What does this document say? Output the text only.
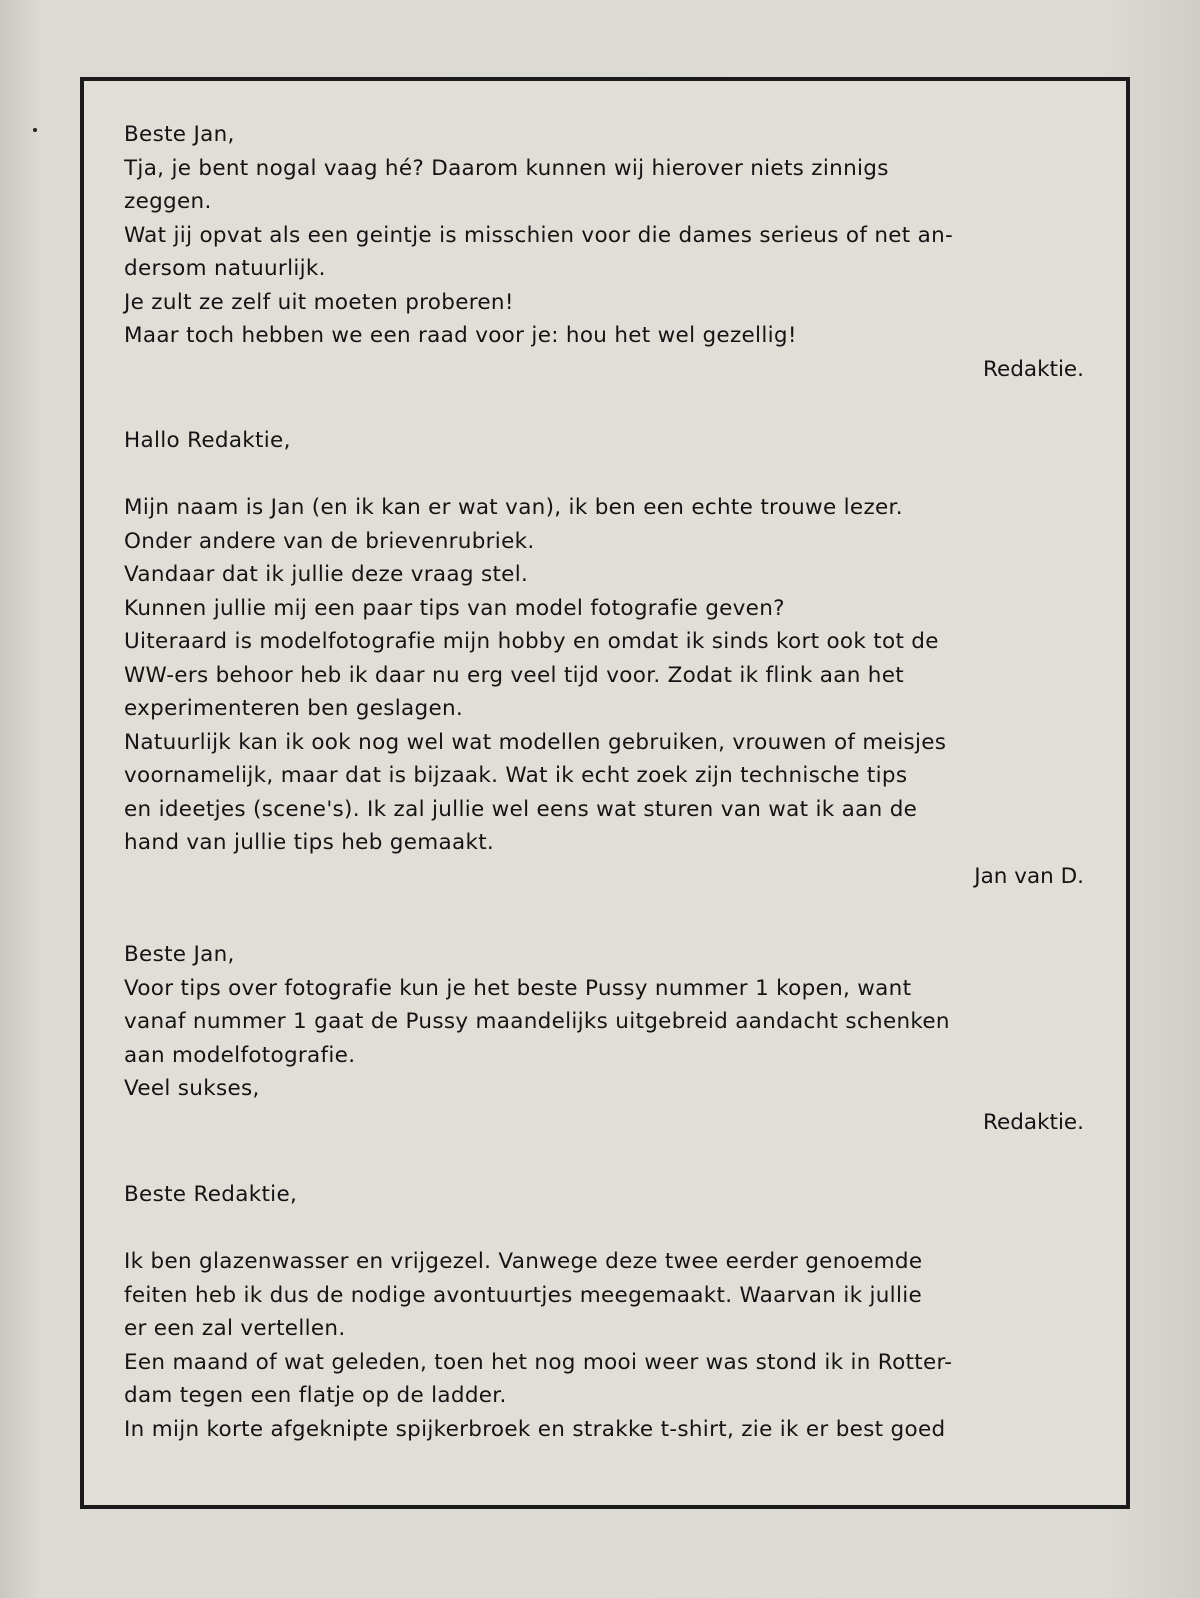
Beste Jan,
Tja, je bent nogal vaag hé? Daarom kunnen wij hierover niets zinnigs
zeggen.
Wat jij opvat als een geintje is misschien voor die dames serieus of net an-
dersom natuurlijk.
Je zult ze zelf uit moeten proberen!
Maar toch hebben we een raad voor je: hou het wel gezellig!
Redaktie.
Hallo Redaktie,
Mijn naam is Jan (en ik kan er wat van), ik ben een echte trouwe lezer.
Onder andere van de brievenrubriek.
Vandaar dat ik jullie deze vraag stel.
Kunnen jullie mij een paar tips van model fotografie geven?
Uiteraard is modelfotografie mijn hobby en omdat ik sinds kort ook tot de
WW-ers behoor heb ik daar nu erg veel tijd voor. Zodat ik flink aan het
experimenteren ben geslagen.
Natuurlijk kan ik ook nog wel wat modellen gebruiken, vrouwen of meisjes
voornamelijk, maar dat is bijzaak. Wat ik echt zoek zijn technische tips
en ideetjes (scene's). Ik zal jullie wel eens wat sturen van wat ik aan de
hand van jullie tips heb gemaakt.
Jan van D.
Beste Jan,
Voor tips over fotografie kun je het beste Pussy nummer 1 kopen, want
vanaf nummer 1 gaat de Pussy maandelijks uitgebreid aandacht schenken
aan modelfotografie.
Veel sukses,
Redaktie.
Beste Redaktie,
Ik ben glazenwasser en vrijgezel. Vanwege deze twee eerder genoemde
feiten heb ik dus de nodige avontuurtjes meegemaakt. Waarvan ik jullie
er een zal vertellen.
Een maand of wat geleden, toen het nog mooi weer was stond ik in Rotter-
dam tegen een flatje op de ladder.
In mijn korte afgeknipte spijkerbroek en strakke t-shirt, zie ik er best goed
